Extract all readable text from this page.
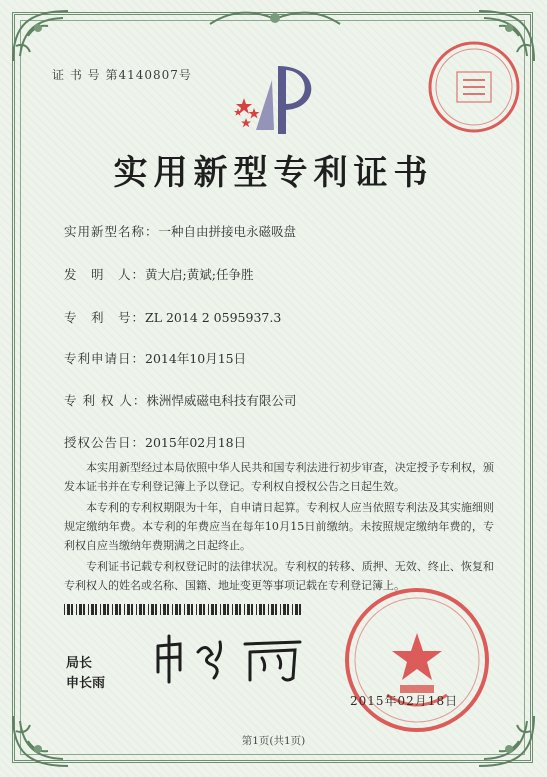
证 书 号 第4140807号
实用新型专利证书
实用新型名称：一种自由拼接电永磁吸盘
发　明　人：黄大启;黄斌;任争胜
专　利　号：ZL 2014 2 0595937.3
专利申请日：2014年10月15日
专 利 权 人：株洲悍威磁电科技有限公司
授权公告日：2015年02月18日

本实用新型经过本局依照中华人民共和国专利法进行初步审查，决定授予专利权，颁发本证书并在专利登记簿上予以登记。专利权自授权公告之日起生效。

本专利的专利权期限为十年，自申请日起算。专利权人应当依照专利法及其实施细则规定缴纳年费。本专利的年费应当在每年10月15日前缴纳。未按照规定缴纳年费的，专利权自应当缴纳年费期满之日起终止。

专利证书记载专利权登记时的法律状况。专利权的转移、质押、无效、终止、恢复和专利权人的姓名或名称、国籍、地址变更等事项记载在专利登记簿上。

局长
申长雨
2015年02月18日
第1页(共1页)
